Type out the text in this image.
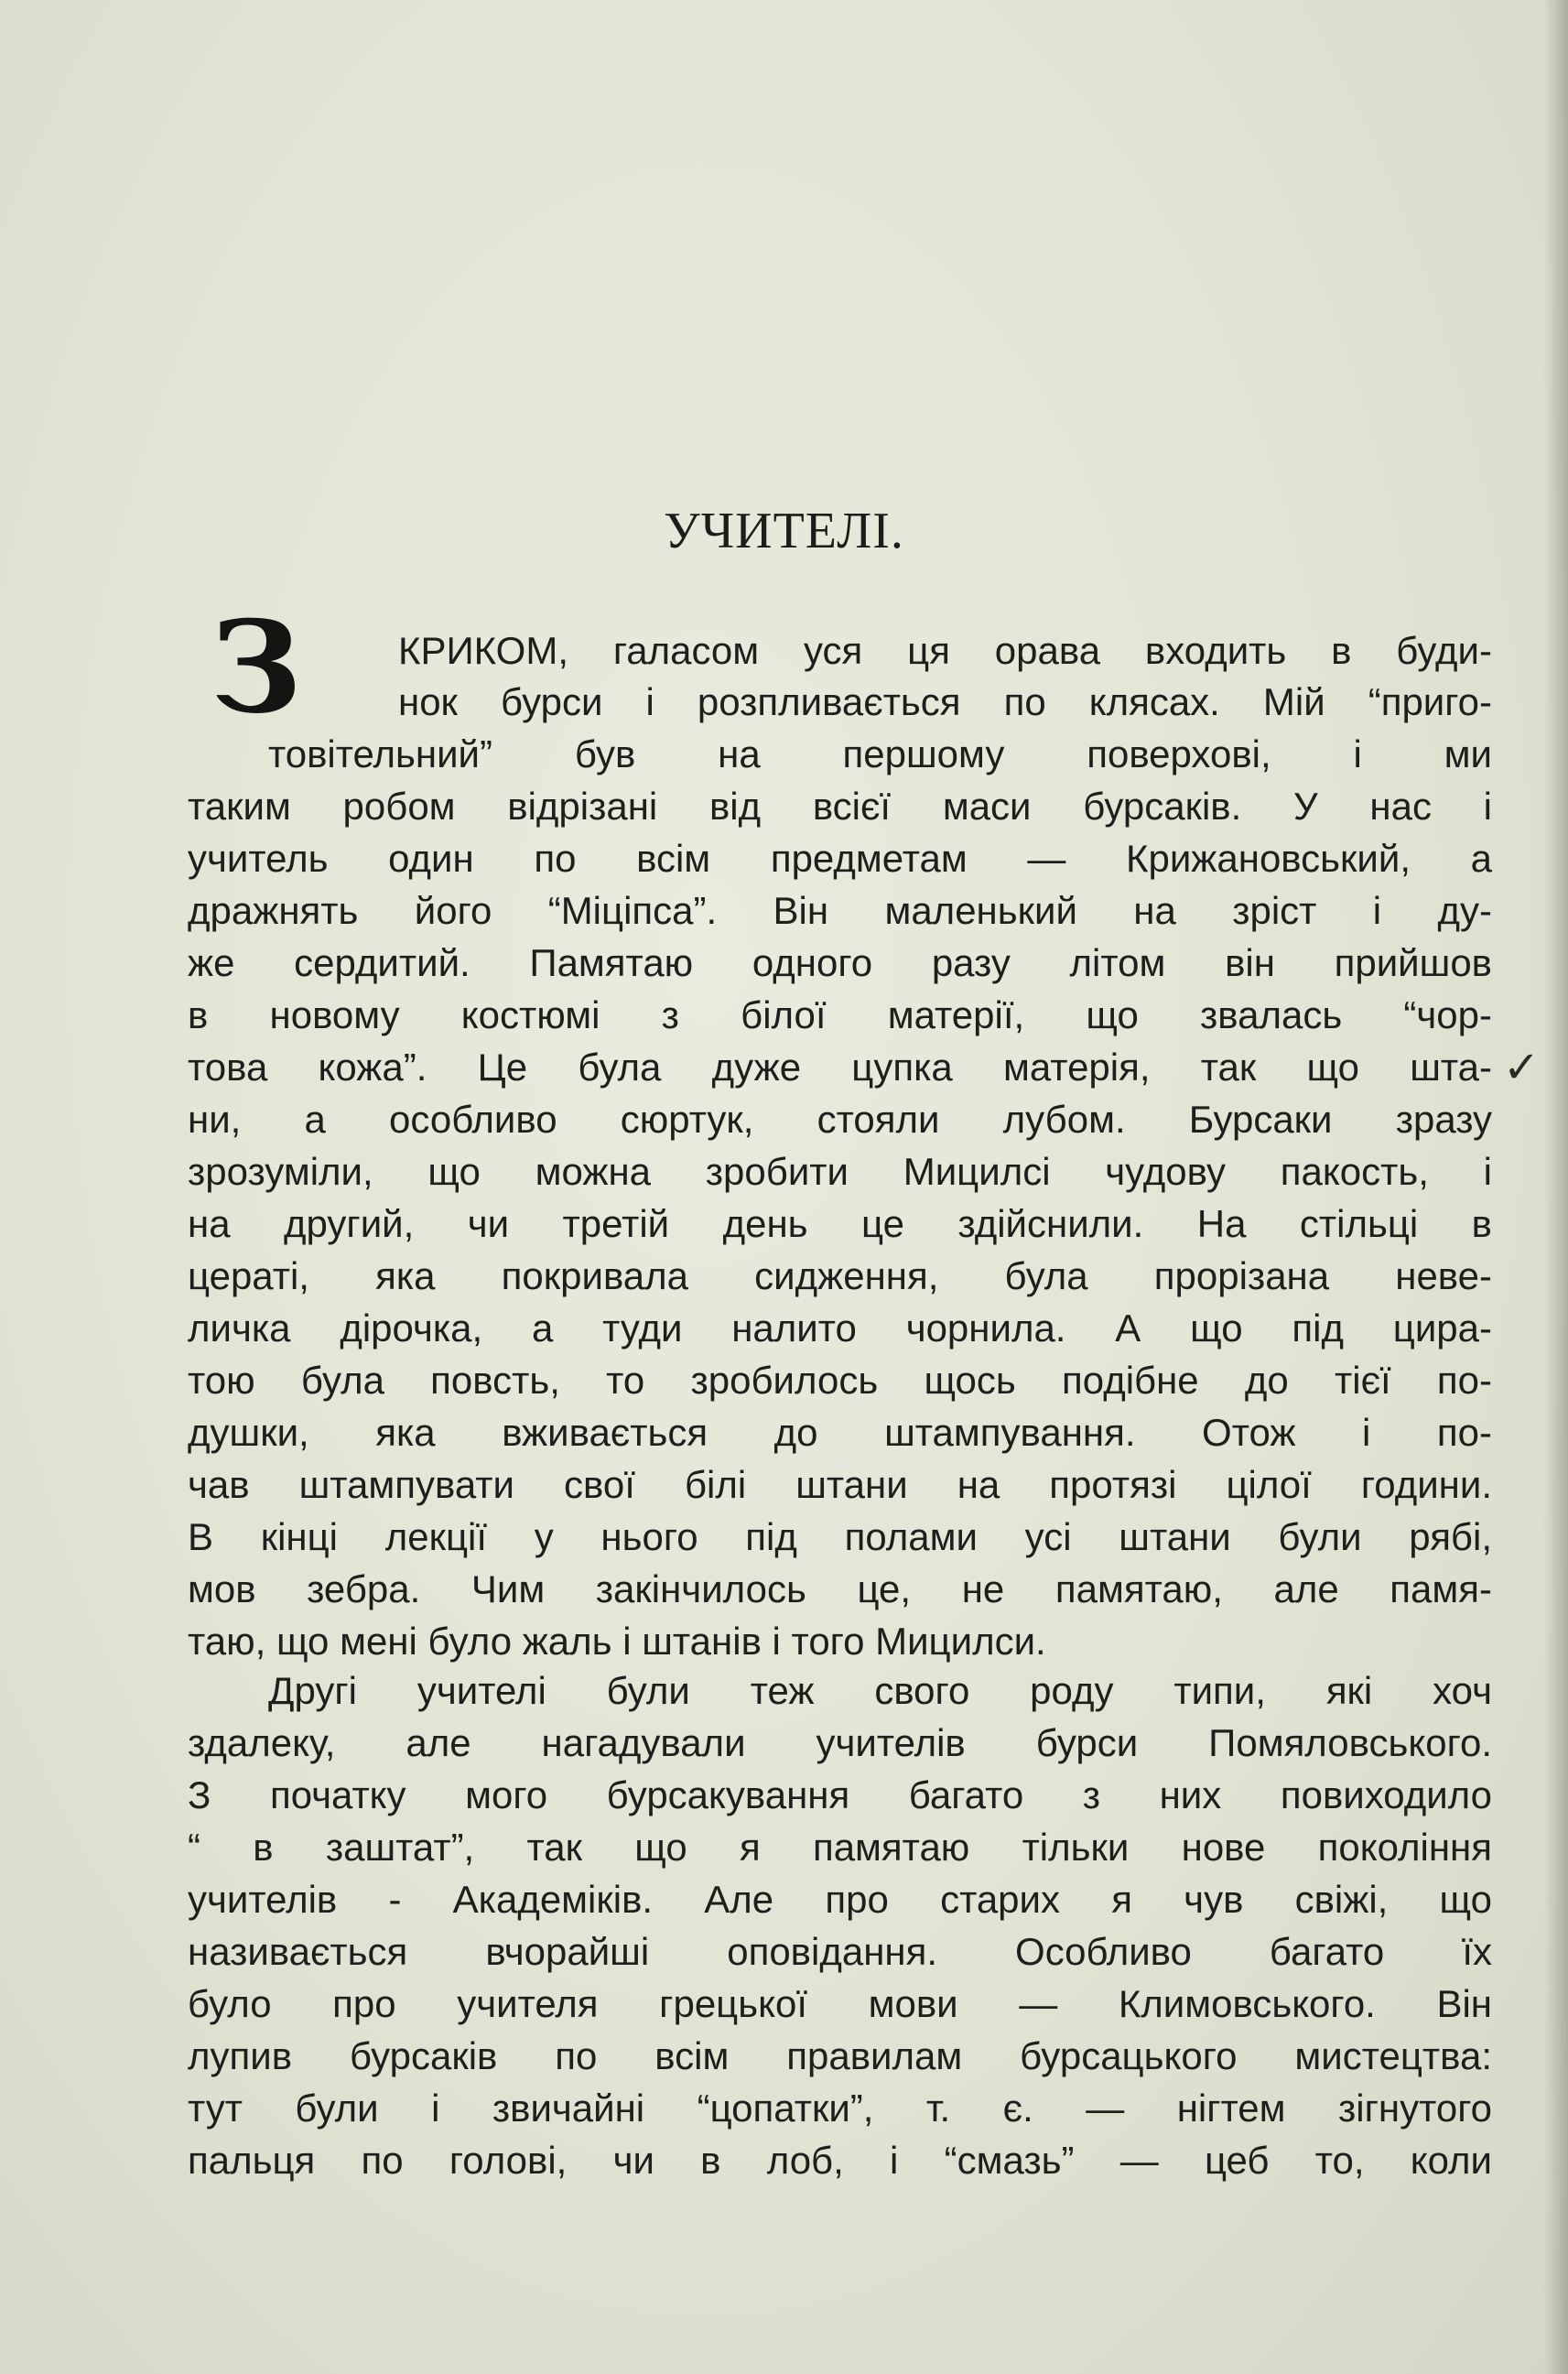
УЧИТЕЛІ.
З
✓
КРИКОМ, галасом уся ця орава входить в буди-
нок бурси і розпливається по клясах. Мій “приго-
товітельний” був на першому поверхові, і ми
таким робом відрізані від всієї маси бурсаків. У нас і
учитель один по всім предметам — Крижановський, а
дражнять його “Міціпса”. Він маленький на зріст і ду-
же сердитий. Памятаю одного разу літом він прийшов
в новому костюмі з білої матерії, що звалась “чор-
това кожа”. Це була дуже цупка матерія, так що шта-
ни, а особливо сюртук, стояли лубом. Бурсаки зразу
зрозуміли, що можна зробити Мицилсі чудову пакость, і
на другий, чи третій день це здійснили. На стільці в
цераті, яка покривала сидження, була прорізана неве-
личка дірочка, а туди налито чорнила. А що під цира-
тою була повсть, то зробилось щось подібне до тієї по-
душки, яка вживається до штампування. Отож і по-
чав штампувати свої білі штани на протязі цілої години.
В кінці лекції у нього під полами усі штани були рябі,
мов зебра. Чим закінчилось це, не памятаю, але памя-
таю, що мені було жаль і штанів і того Мицилси.
Другі учителі були теж свого роду типи, які хоч
здалеку, але нагадували учителів бурси Помяловського.
З початку мого бурсакування багато з них повиходило
“ в заштат”, так що я памятаю тільки нове покоління
учителів - Академіків. Але про старих я чув свіжі, що
називається вчорайші оповідання. Особливо багато їх
було про учителя грецької мови — Климовського. Він
лупив бурсаків по всім правилам бурсацького мистецтва:
тут були і звичайні “цопатки”, т. є. — нігтем зігнутого
пальця по голові, чи в лоб, і “смазь” — цеб то, коли
